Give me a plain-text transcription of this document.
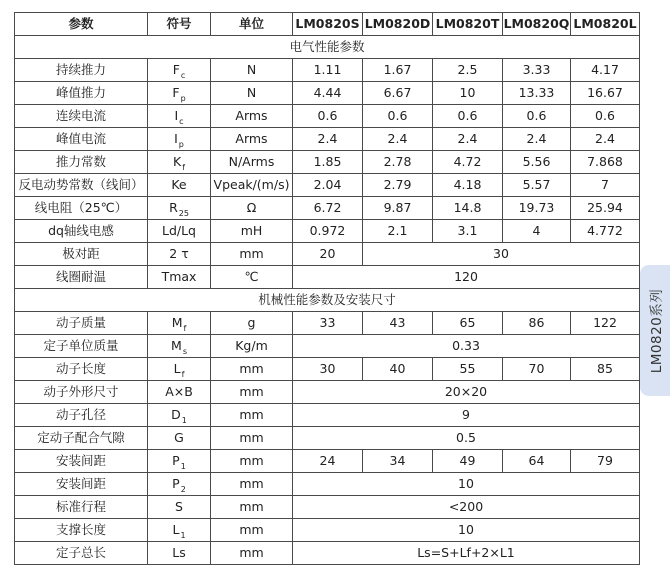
参数	符号	单位	LM0820S	LM0820D	LM0820T	LM0820Q	LM0820L
电气性能参数							
持续推力	$F_c$	N	1.11	1.67	2.5	3.33	4.17
峰值推力	$F_p$	N	4.44	6.67	10	13.33	16.67
连续电流	$I_c$	Arms	0.6	0.6	0.6	0.6	0.6
峰值电流	$I_p$	Arms	2.4	2.4	2.4	2.4	2.4
推力常数	$K_f$	N/Arms	1.85	2.78	4.72	5.56	7.868
反电动势常数（线间）	Ke	Vpeak/(m/s)	2.04	2.79	4.18	5.57	7
线电阻（25℃）	$R_{25}$	Ω	6.72	9.87	14.8	19.73	25.94
dq轴线电感	Ld/Lq	mH	0.972	2.1	3.1	4	4.772
极对距	2 τ	mm	20	30			
线圈耐温	Tmax	℃	120				
机械性能参数及安装尺寸							
动子质量	$M_f$	g	33	43	65	86	122
定子单位质量	$M_s$	Kg/m	0.33				
动子长度	$L_f$	mm	30	40	55	70	85
动子外形尺寸	A×B	mm	20×20				
动子孔径	$D_1$	mm	9				
定动子配合气隙	G	mm	0.5				
安装间距	$P_1$	mm	24	34	49	64	79
安装间距	$P_2$	mm	10				
标准行程	S	mm	<200				
支撑长度	$L_1$	mm	10				
定子总长	Ls	mm	Ls=S+Lf+2×L1				
LM0820系列
